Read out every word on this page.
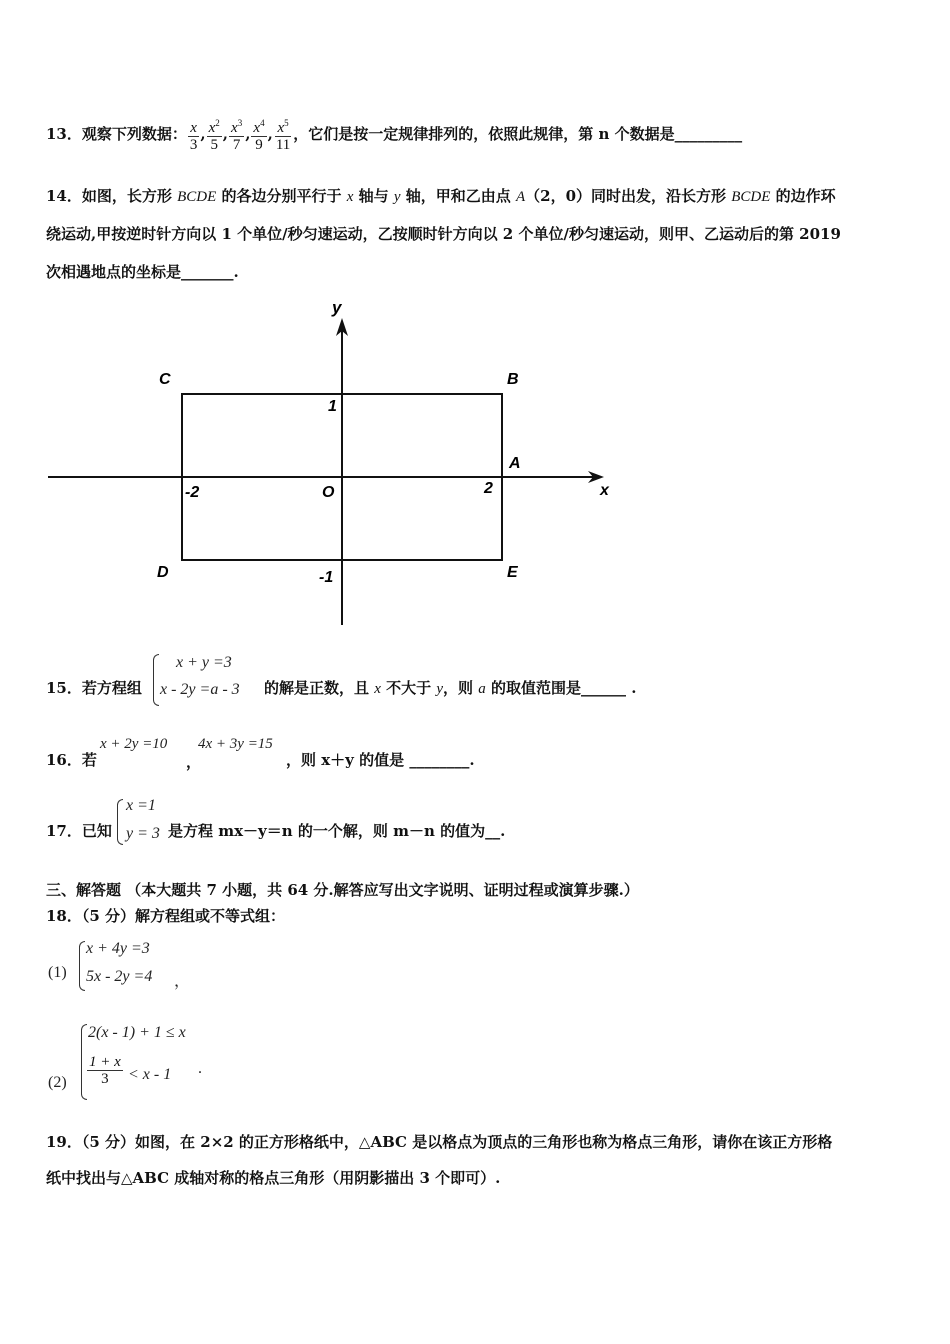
13．观察下列数据： $\frac{x}{3}$ , $\frac{x^2}{5}$ , $\frac{x^3}{7}$ , $\frac{x^4}{9}$ , $\frac{x^5}{11}$ ，它们是按一定规律排列的，依照此规律，第 n 个数据是 _________
14．如图，长方形 BCDE 的各边分别平行于 x 轴与 y 轴，甲和乙由点 A（2，0）同时出发，沿长方形 BCDE 的边作环
绕运动,甲按逆时针方向以 1 个单位/秒匀速运动，乙按顺时针方向以 2 个单位/秒匀速运动，则甲、乙运动后的第 2019
次相遇地点的坐标是_______.
y
x
C	B
A
D	E
O
1
-1
2
-2
15．若方程组
x + y =3
x - 2y =a - 3 的解是正数，且 x 不大于 y，则 a 的取值范围是______ .
16．若
x + 2y =10
，
4x + 3y =15
，则 x＋y 的值是 ________.
17．已知
x =1
y = 3 是方程 mx－y＝n 的一个解，则 m－n 的值为__.
三、解答题 （本大题共 7 小题，共 64 分.解答应写出文字说明、证明过程或演算步骤.）
18．（5 分）解方程组或不等式组：
(1)
x + 4y =3
5x - 2y =4 ，
(2)
2(x - 1) + 1 ≤ x
$\frac{1 + x}{3} < x - 1$ .
19．（5 分）如图，在 2×2 的正方形格纸中，△ABC 是以格点为顶点的三角形也称为格点三角形，请你在该正方形格
纸中找出与△ABC 成轴对称的格点三角形（用阴影描出 3 个即可）.
